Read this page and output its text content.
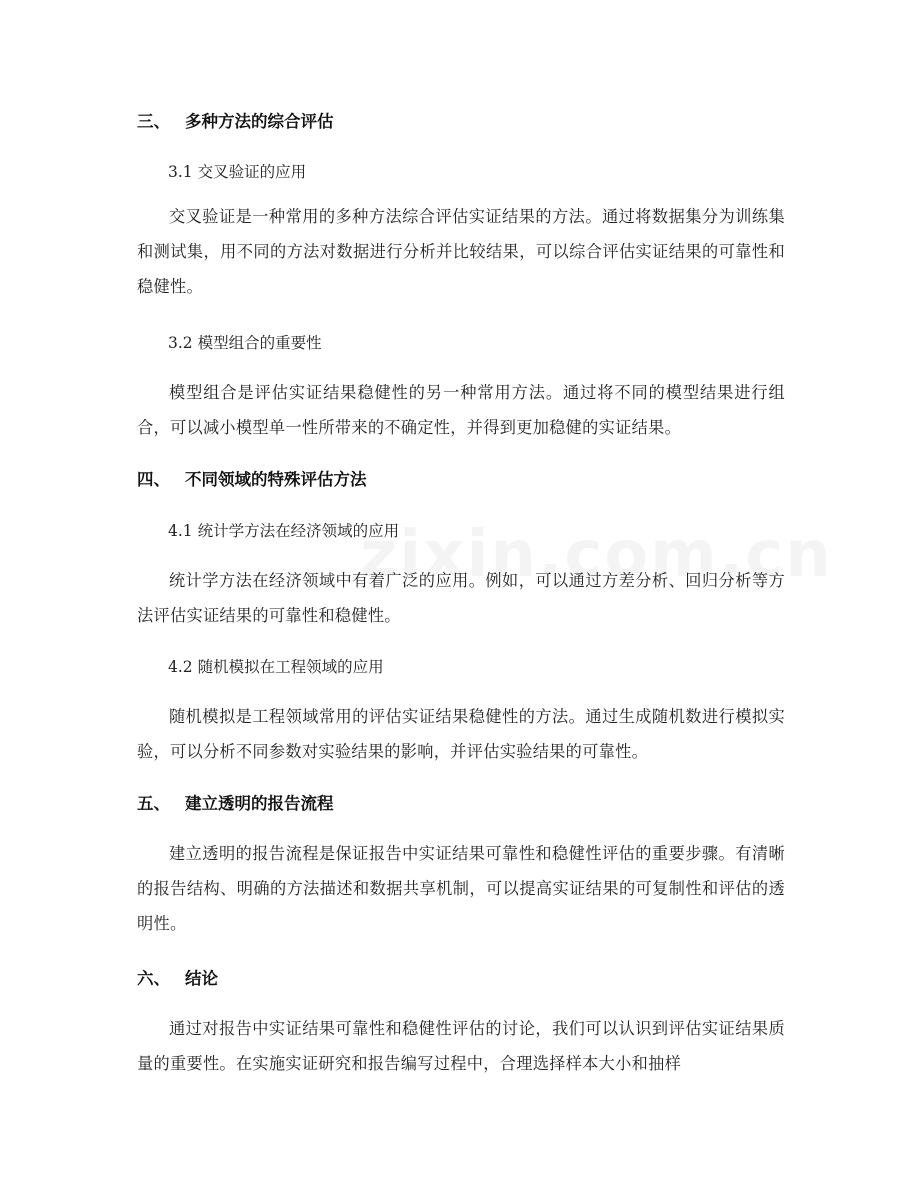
三、 多种方法的综合评估
3.1 交叉验证的应用
交叉验证是一种常用的多种方法综合评估实证结果的方法。通过将数据集分为训练集和测试集，用不同的方法对数据进行分析并比较结果，可以综合评估实证结果的可靠性和稳健性。
3.2 模型组合的重要性
模型组合是评估实证结果稳健性的另一种常用方法。通过将不同的模型结果进行组合，可以减小模型单一性所带来的不确定性，并得到更加稳健的实证结果。
四、 不同领域的特殊评估方法
4.1 统计学方法在经济领域的应用
统计学方法在经济领域中有着广泛的应用。例如，可以通过方差分析、回归分析等方法评估实证结果的可靠性和稳健性。
4.2 随机模拟在工程领域的应用
随机模拟是工程领域常用的评估实证结果稳健性的方法。通过生成随机数进行模拟实验，可以分析不同参数对实验结果的影响，并评估实验结果的可靠性。
五、 建立透明的报告流程
建立透明的报告流程是保证报告中实证结果可靠性和稳健性评估的重要步骤。有清晰的报告结构、明确的方法描述和数据共享机制，可以提高实证结果的可复制性和评估的透明性。
六、 结论
通过对报告中实证结果可靠性和稳健性评估的讨论，我们可以认识到评估实证结果质量的重要性。在实施实证研究和报告编写过程中，合理选择样本大小和抽样
